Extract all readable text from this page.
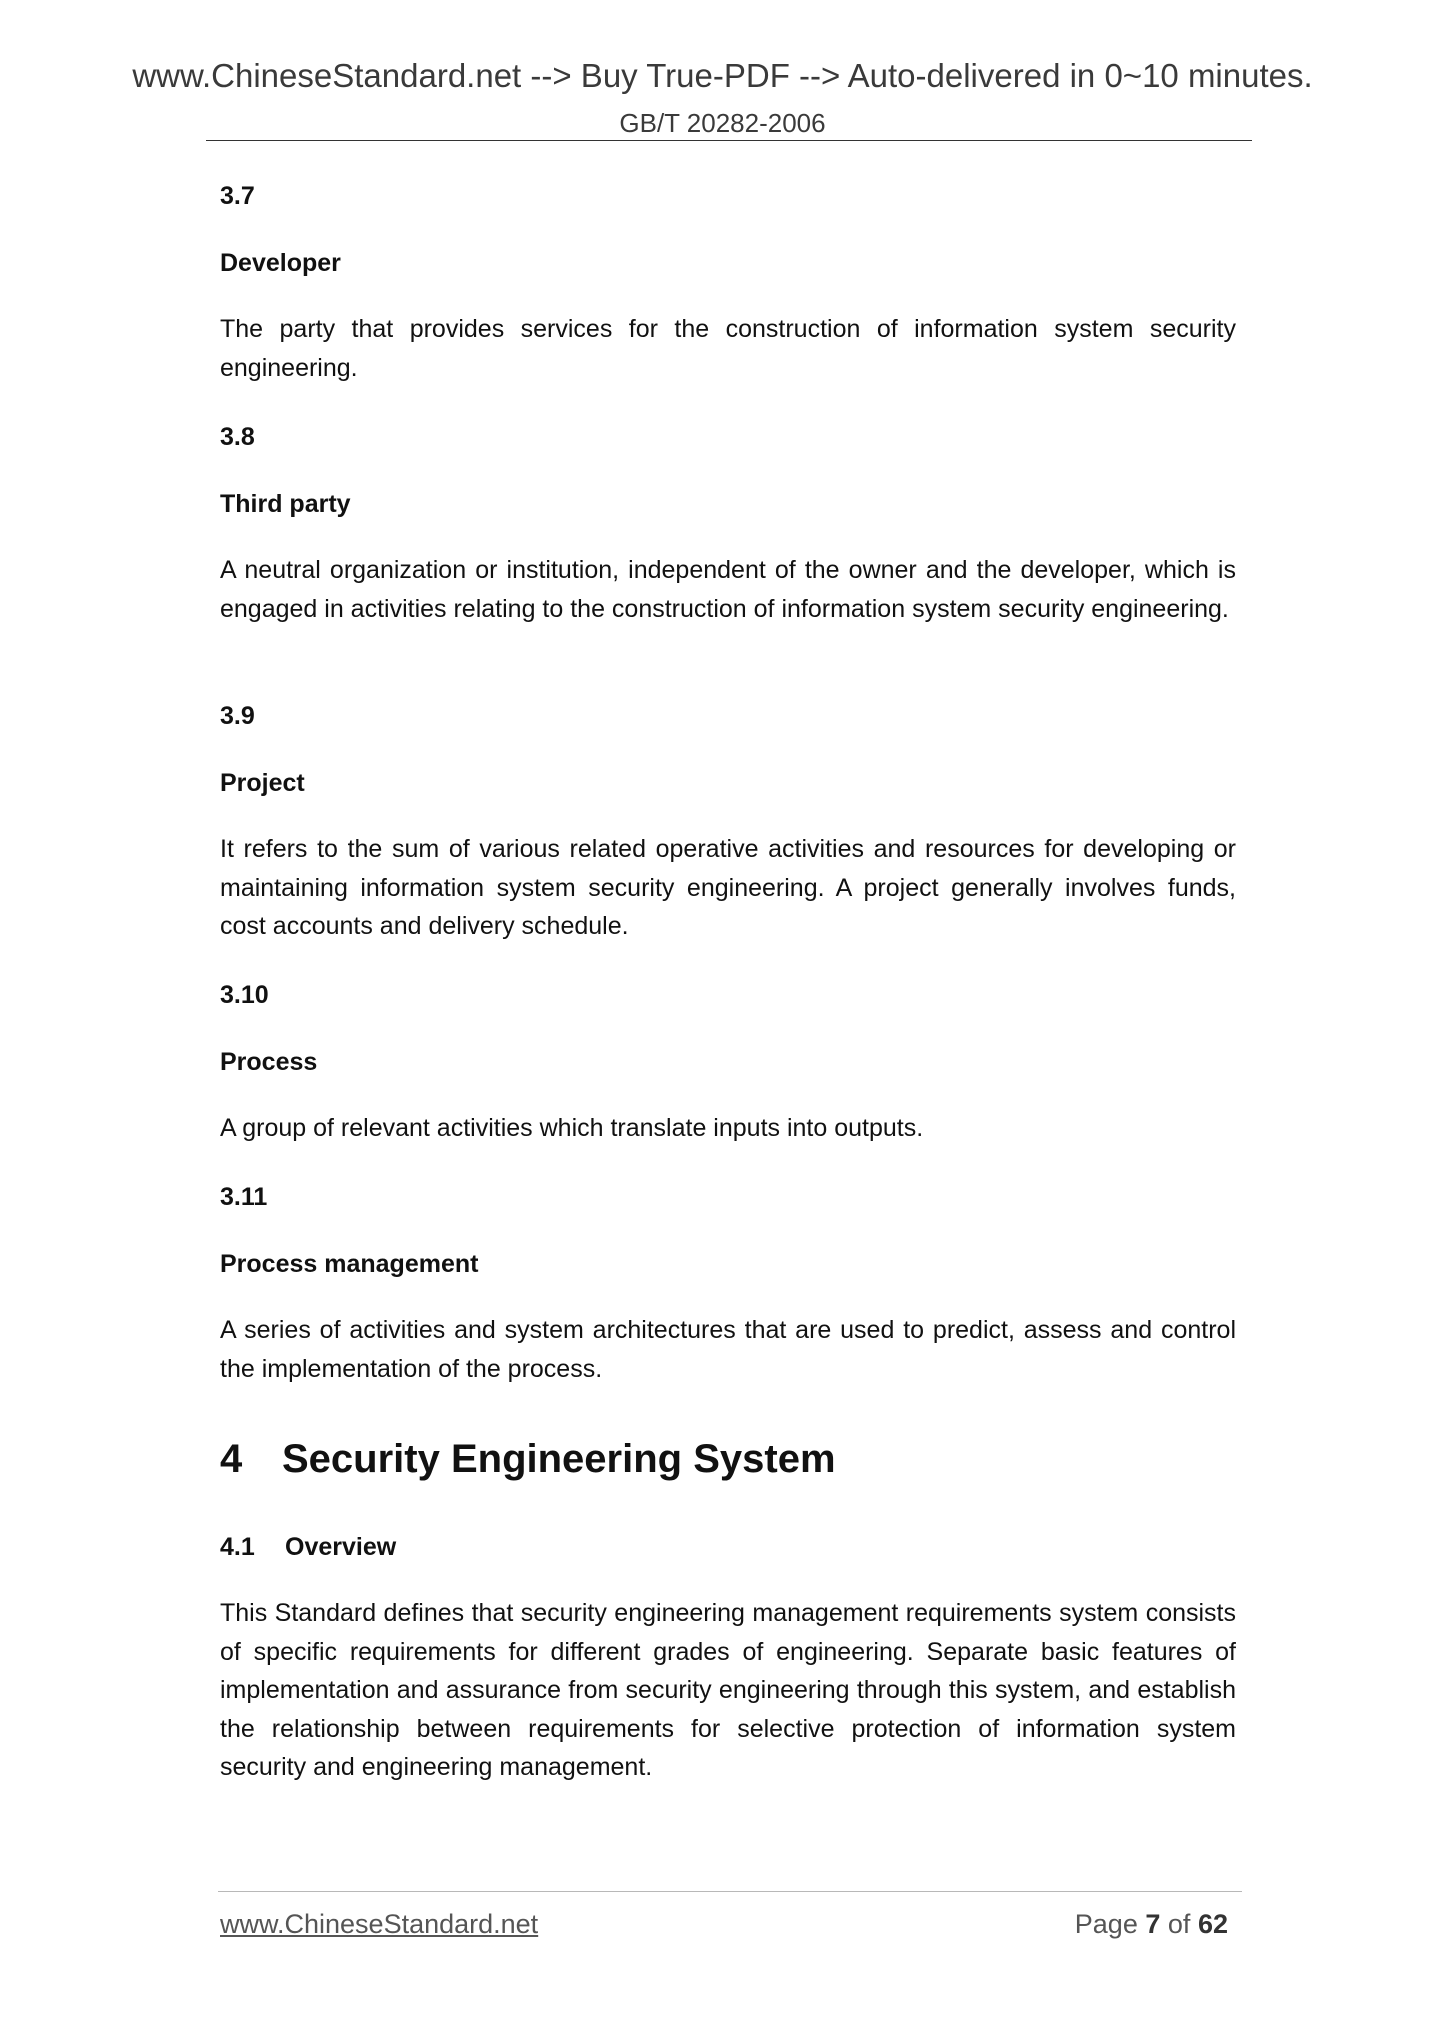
www.ChineseStandard.net --> Buy True-PDF --> Auto-delivered in 0~10 minutes.
GB/T 20282-2006
3.7
Developer

The party that provides services for the construction of information system security engineering.

3.8
Third party

A neutral organization or institution, independent of the owner and the developer, which is engaged in activities relating to the construction of information system security engineering.

3.9
Project

It refers to the sum of various related operative activities and resources for developing or maintaining information system security engineering. A project generally involves funds, cost accounts and delivery schedule.

3.10
Process

A group of relevant activities which translate inputs into outputs.

3.11
Process management

A series of activities and system architectures that are used to predict, assess and control the implementation of the process.

4 Security Engineering System
4.1 Overview

This Standard defines that security engineering management requirements system consists of specific requirements for different grades of engineering. Separate basic features of implementation and assurance from security engineering through this system, and establish the relationship between requirements for selective protection of information system security and engineering management.

www.ChineseStandard.net	Page 7 of 62
